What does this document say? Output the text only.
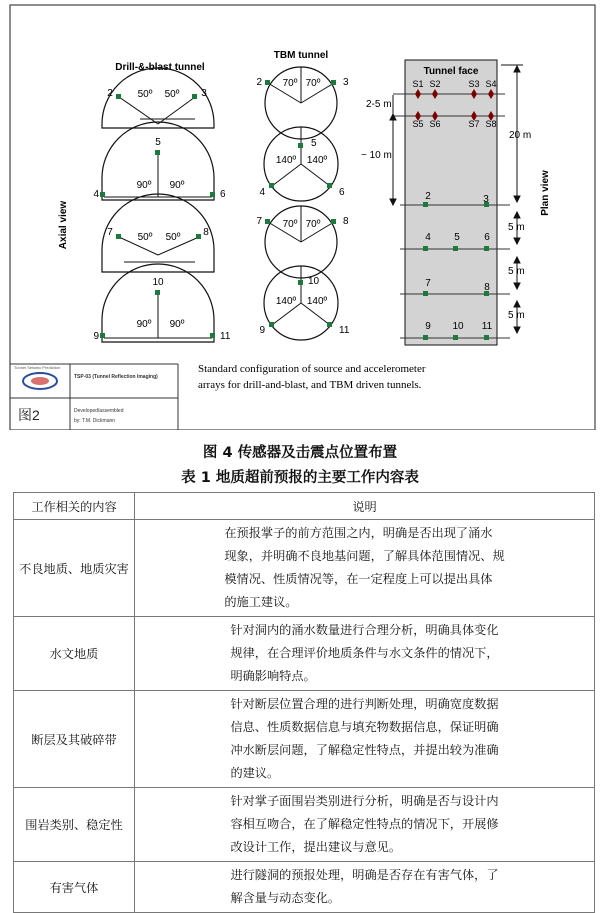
Drill-&-blast tunnel
2	3
50º 50º
5
4	6
90º 90º
7	8
50º 50º
10
9	11
90º 90º
Axial view
TBM tunnel
2	3
70º 70º
5
4	6
140º 140º
7	8
70º 70º
10
9	11
140º 140º
Tunnel face
S1 S2	S3 S4
S5 S6	S7 S8
2	3
4 5 6
7	8
9 10 11
2-5 m
~ 10 m
20 m
5 m
5 m
5 m
Plan view
Standard configuration of source and accelerometer
arrays for drill-and-blast, and TBM driven tunnels.
Tunnel Seismic Prediction
TSP-03 (Tunnel Reflection Imaging)
图2	Developed/assembled
by: T.M. Dickmann
图 4 传感器及击震点位置布置
表 1 地质超前预报的主要工作内容表
工作相关的内容	说明
不良地质、地质灾害	在预报掌子的前方范围之内，明确是否出现了涌水
现象，并明确不良地基问题，了解具体范围情况、规
模情况、性质情况等，在一定程度上可以提出具体
的施工建议。
水文地质	针对洞内的涌水数量进行合理分析，明确具体变化
规律，在合理评价地质条件与水文条件的情况下，
明确影响特点。
断层及其破碎带	针对断层位置合理的进行判断处理，明确宽度数据
信息、性质数据信息与填充物数据信息，保证明确
冲水断层问题，了解稳定性特点，并提出较为准确
的建议。
围岩类别、稳定性	针对掌子面围岩类别进行分析，明确是否与设计内
容相互吻合，在了解稳定性特点的情况下，开展修
改设计工作，提出建议与意见。
有害气体	进行隧洞的预报处理，明确是否存在有害气体，了
解含量与动态变化。
